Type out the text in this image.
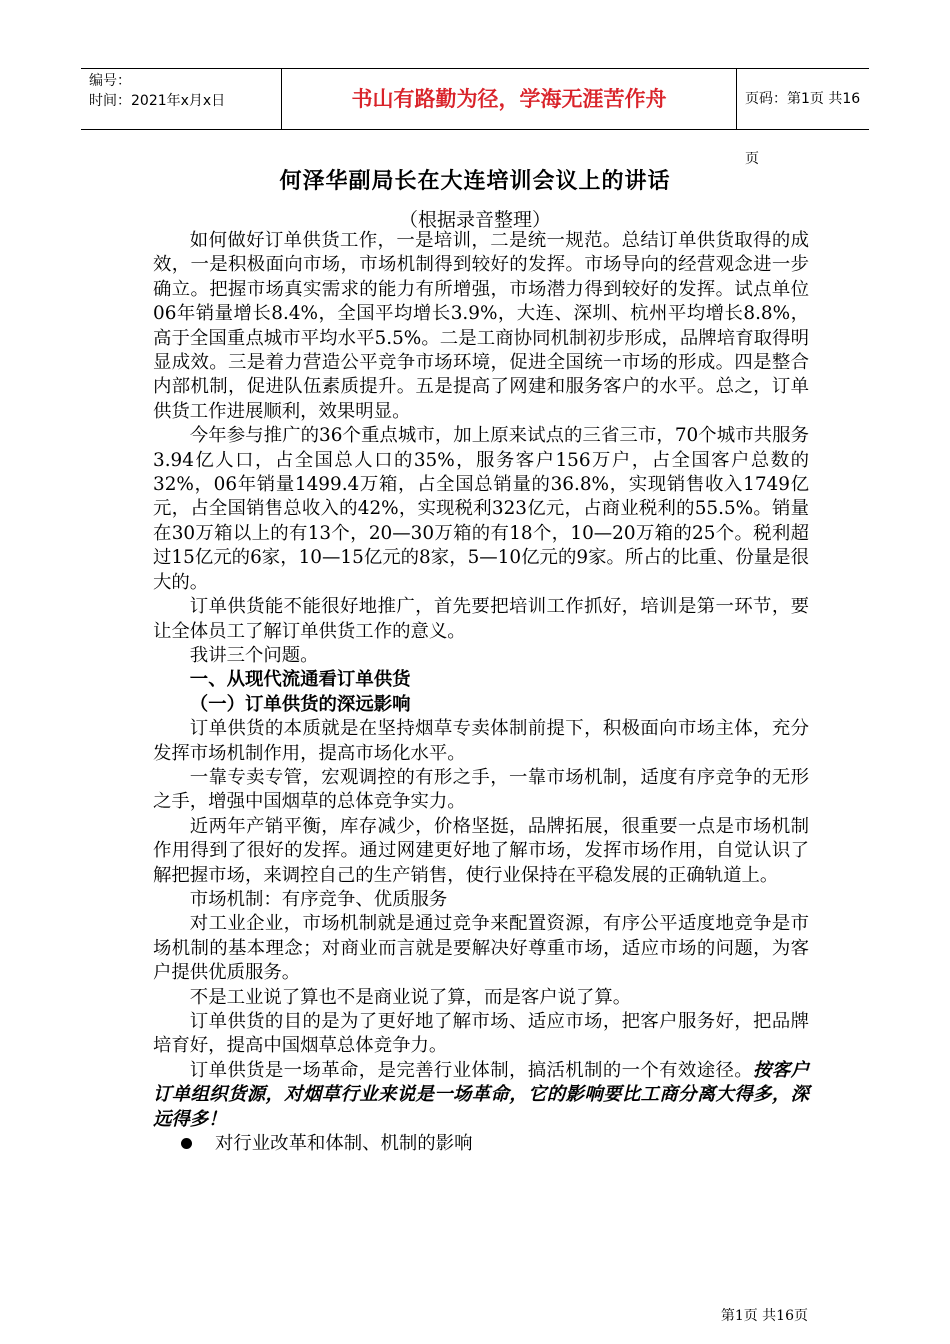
编号：
时间：2021年x月x日	书山有路勤为径，学海无涯苦作舟	页码：第1页 共16页
何泽华副局长在大连培训会议上的讲话
（根据录音整理）

如何做好订单供货工作，一是培训，二是统一规范。总结订单供货取得的成效，一是积极面向市场，市场机制得到较好的发挥。市场导向的经营观念进一步确立。把握市场真实需求的能力有所增强，市场潜力得到较好的发挥。试点单位06年销量增长8.4%，全国平均增长3.9%，大连、深圳、杭州平均增长8.8%，高于全国重点城市平均水平5.5%。二是工商协同机制初步形成，品牌培育取得明显成效。三是着力营造公平竞争市场环境，促进全国统一市场的形成。四是整合内部机制，促进队伍素质提升。五是提高了网建和服务客户的水平。总之，订单供货工作进展顺利，效果明显。

今年参与推广的36个重点城市，加上原来试点的三省三市，70个城市共服务3.94亿人口，占全国总人口的35%，服务客户156万户，占全国客户总数的32%，06年销量1499.4万箱，占全国总销量的36.8%，实现销售收入1749亿元，占全国销售总收入的42%，实现税利323亿元，占商业税利的55.5%。销量在30万箱以上的有13个，20—30万箱的有18个，10—20万箱的25个。税利超过15亿元的6家，10—15亿元的8家，5—10亿元的9家。所占的比重、份量是很大的。

订单供货能不能很好地推广，首先要把培训工作抓好，培训是第一环节，要让全体员工了解订单供货工作的意义。

我讲三个问题。

一、从现代流通看订单供货

（一）订单供货的深远影响

订单供货的本质就是在坚持烟草专卖体制前提下，积极面向市场主体，充分发挥市场机制作用，提高市场化水平。

一靠专卖专管，宏观调控的有形之手，一靠市场机制，适度有序竞争的无形之手，增强中国烟草的总体竞争实力。

近两年产销平衡，库存减少，价格坚挺，品牌拓展，很重要一点是市场机制作用得到了很好的发挥。通过网建更好地了解市场，发挥市场作用，自觉认识了解把握市场，来调控自己的生产销售，使行业保持在平稳发展的正确轨道上。

市场机制：有序竞争、优质服务

对工业企业，市场机制就是通过竞争来配置资源，有序公平适度地竞争是市场机制的基本理念；对商业而言就是要解决好尊重市场，适应市场的问题，为客户提供优质服务。

不是工业说了算也不是商业说了算，而是客户说了算。

订单供货的目的是为了更好地了解市场、适应市场，把客户服务好，把品牌培育好，提高中国烟草总体竞争力。

订单供货是一场革命，是完善行业体制，搞活机制的一个有效途径。按客户订单组织货源，对烟草行业来说是一场革命，它的影响要比工商分离大得多，深远得多！

对行业改革和体制、机制的影响
第1页 共16页
